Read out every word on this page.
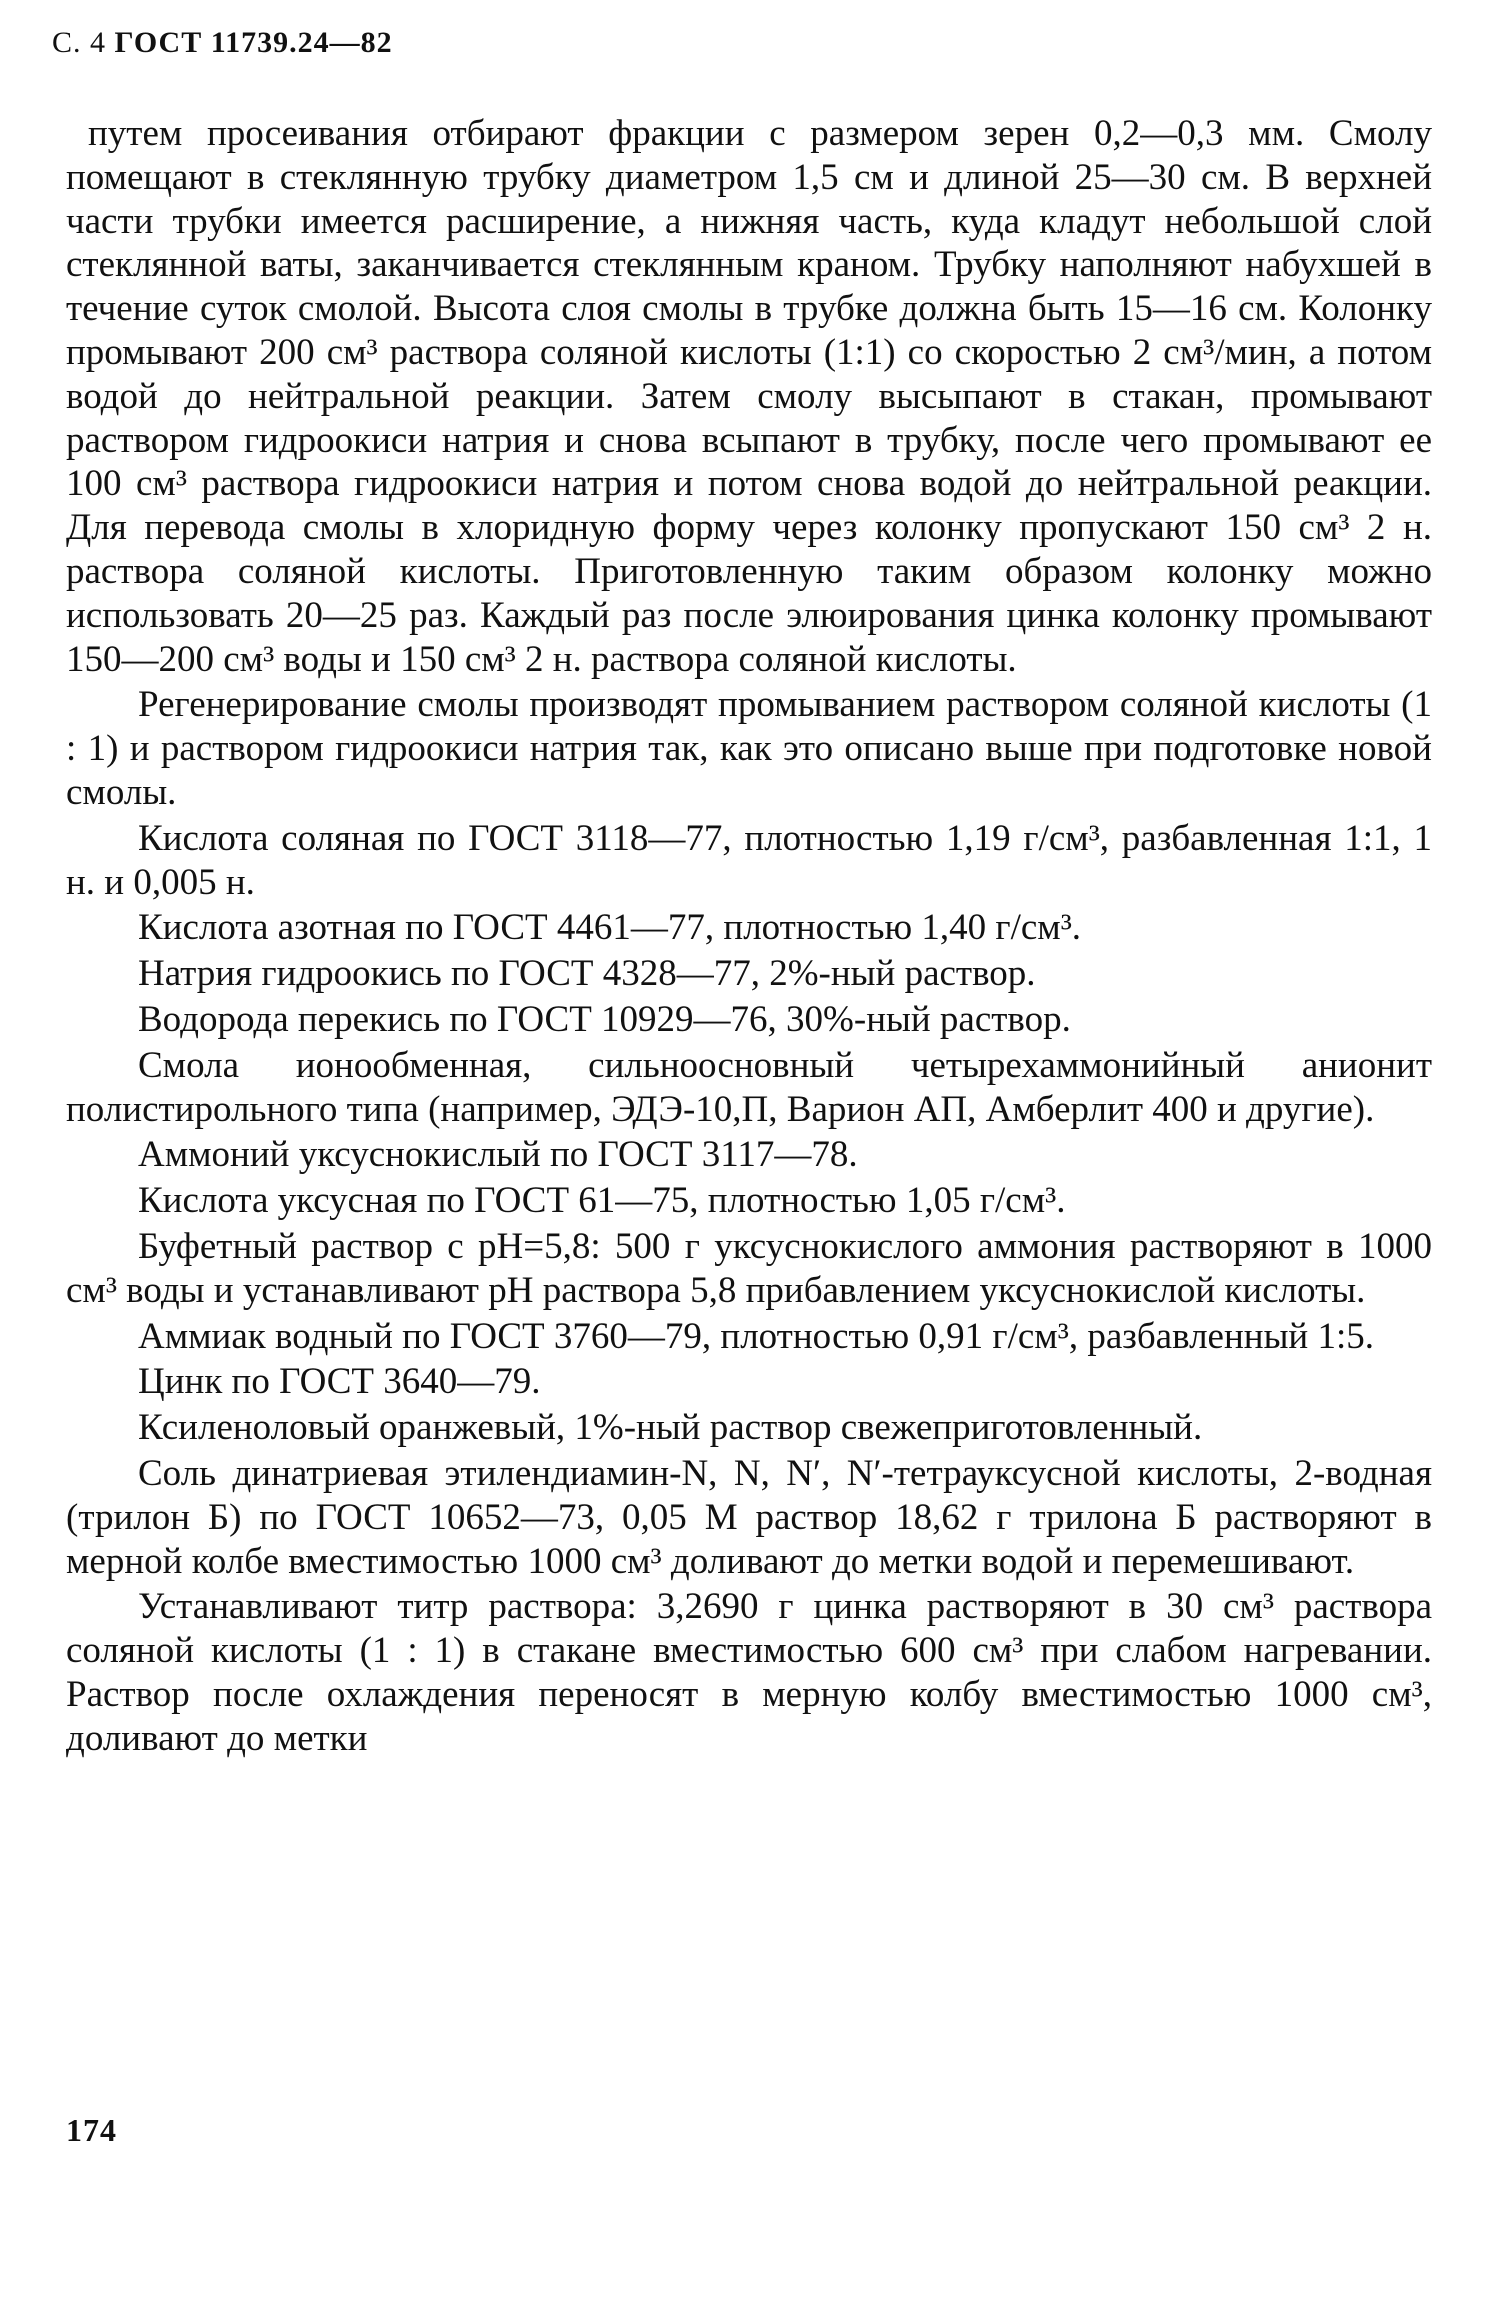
С. 4 ГОСТ 11739.24—82

путем просеивания отбирают фракции с размером зерен 0,2—0,3 мм. Смолу помещают в стеклянную трубку диаметром 1,5 см и длиной 25—30 см. В верхней части трубки имеется расширение, а нижняя часть, куда кладут небольшой слой стеклянной ваты, заканчивается стеклянным краном. Трубку наполняют набухшей в течение суток смолой. Высота слоя смолы в трубке должна быть 15—16 см. Колонку промывают 200 см³ раствора соляной кислоты (1:1) со скоростью 2 см³/мин, а потом водой до нейтральной реакции. Затем смолу высыпают в стакан, промывают раствором гидроокиси натрия и снова всыпают в трубку, после чего промывают ее 100 см³ раствора гидроокиси натрия и потом снова водой до нейтральной реакции. Для перевода смолы в хлоридную форму через колонку пропускают 150 см³ 2 н. раствора соляной кислоты. Приготовленную таким образом колонку можно использовать 20—25 раз. Каждый раз после элюирования цинка колонку промывают 150—200 см³ воды и 150 см³ 2 н. раствора соляной кислоты.

Регенерирование смолы производят промыванием раствором соляной кислоты (1 : 1) и раствором гидроокиси натрия так, как это описано выше при подготовке новой смолы.

Кислота соляная по ГОСТ 3118—77, плотностью 1,19 г/см³, разбавленная 1:1, 1 н. и 0,005 н.

Кислота азотная по ГОСТ 4461—77, плотностью 1,40 г/см³.

Натрия гидроокись по ГОСТ 4328—77, 2%-ный раствор.

Водорода перекись по ГОСТ 10929—76, 30%-ный раствор.

Смола ионообменная, сильноосновный четырехаммонийный анионит полистирольного типа (например, ЭДЭ-10,П, Варион АП, Амберлит 400 и другие).

Аммоний уксуснокислый по ГОСТ 3117—78.

Кислота уксусная по ГОСТ 61—75, плотностью 1,05 г/см³.

Буфетный раствор с pH=5,8: 500 г уксуснокислого аммония растворяют в 1000 см³ воды и устанавливают pH раствора 5,8 прибавлением уксуснокислой кислоты.

Аммиак водный по ГОСТ 3760—79, плотностью 0,91 г/см³, разбавленный 1:5.

Цинк по ГОСТ 3640—79.

Ксиленоловый оранжевый, 1%-ный раствор свежеприготовленный.

Соль динатриевая этилендиамин-N, N, N′, N′-тетрауксусной кислоты, 2-водная (трилон Б) по ГОСТ 10652—73, 0,05 М раствор 18,62 г трилона Б растворяют в мерной колбе вместимостью 1000 см³ доливают до метки водой и перемешивают.

Устанавливают титр раствора: 3,2690 г цинка растворяют в 30 см³ раствора соляной кислоты (1 : 1) в стакане вместимостью 600 см³ при слабом нагревании. Раствор после охлаждения переносят в мерную колбу вместимостью 1000 см³, доливают до метки

174
